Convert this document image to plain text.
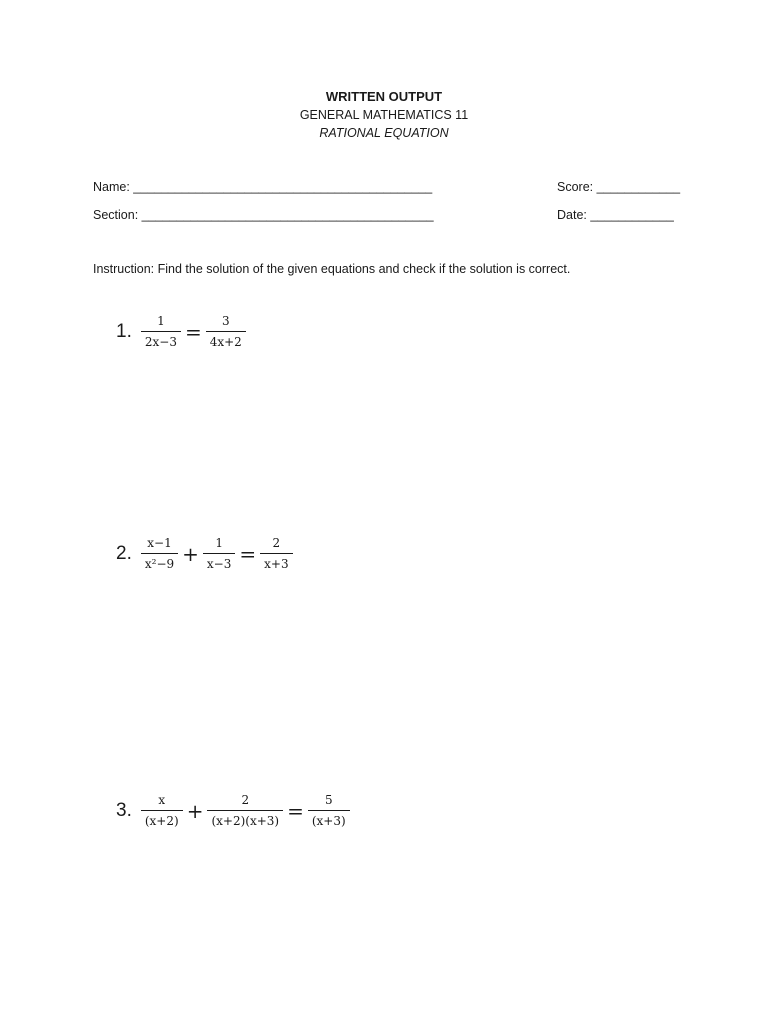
WRITTEN OUTPUT
GENERAL MATHEMATICS 11
RATIONAL EQUATION
Name: ___________________________________________	Score: ____________
Section: __________________________________________	Date: ____________
Instruction: Find the solution of the given equations and check if the solution is correct.
1. $\frac{1}{2x-3} = \frac{3}{4x+2}$
2. $\frac{x-1}{\text{x²−9}} + \frac{1}{x-3} = \frac{2}{x+3}$
3. $\frac{x}{(x+2)} + \frac{2}{(x+2)(x+3)} = \frac{5}{(x+3)}$
